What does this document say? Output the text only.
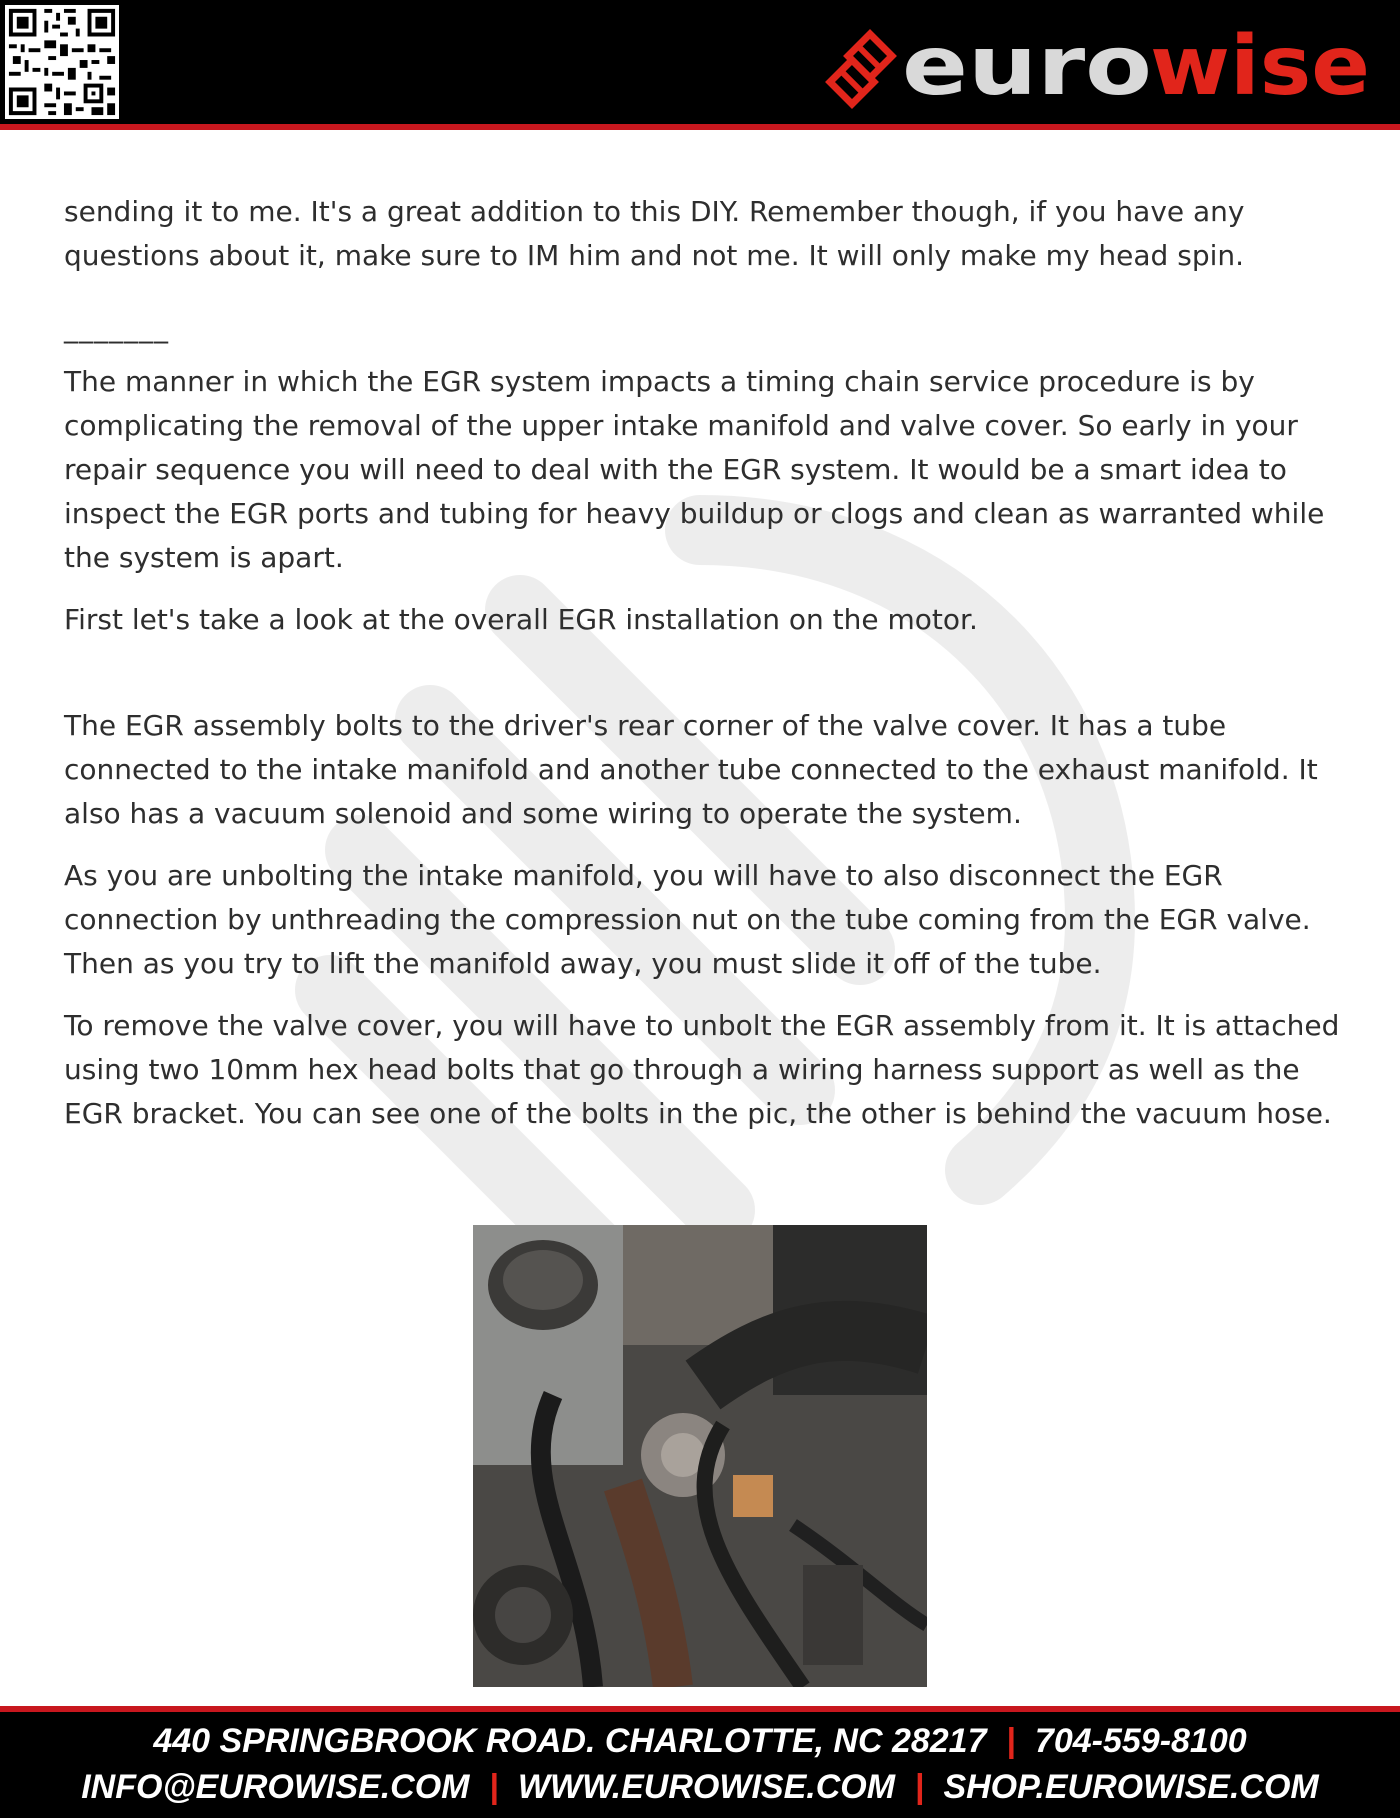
euro
wise

sending it to me. It's a great addition to this DIY. Remember though, if you have any questions about it, make sure to IM him and not me. It will only make my head spin.

_______

The manner in which the EGR system impacts a timing chain service procedure is by complicating the removal of the upper intake manifold and valve cover. So early in your repair sequence you will need to deal with the EGR system. It would be a smart idea to inspect the EGR ports and tubing for heavy buildup or clogs and clean as warranted while the system is apart.

First let's take a look at the overall EGR installation on the motor.

The EGR assembly bolts to the driver's rear corner of the valve cover. It has a tube connected to the intake manifold and another tube connected to the exhaust manifold. It also has a vacuum solenoid and some wiring to operate the system.

As you are unbolting the intake manifold, you will have to also disconnect the EGR connection by unthreading the compression nut on the tube coming from the EGR valve. Then as you try to lift the manifold away, you must slide it off of the tube.

To remove the valve cover, you will have to unbolt the EGR assembly from it. It is attached using two 10mm hex head bolts that go through a wiring harness support as well as the EGR bracket. You can see one of the bolts in the pic, the other is behind the vacuum hose.

440 SPRINGBROOK ROAD. CHARLOTTE, NC 28217 | 704-559-8100
INFO@EUROWISE.COM | WWW.EUROWISE.COM | SHOP.EUROWISE.COM
